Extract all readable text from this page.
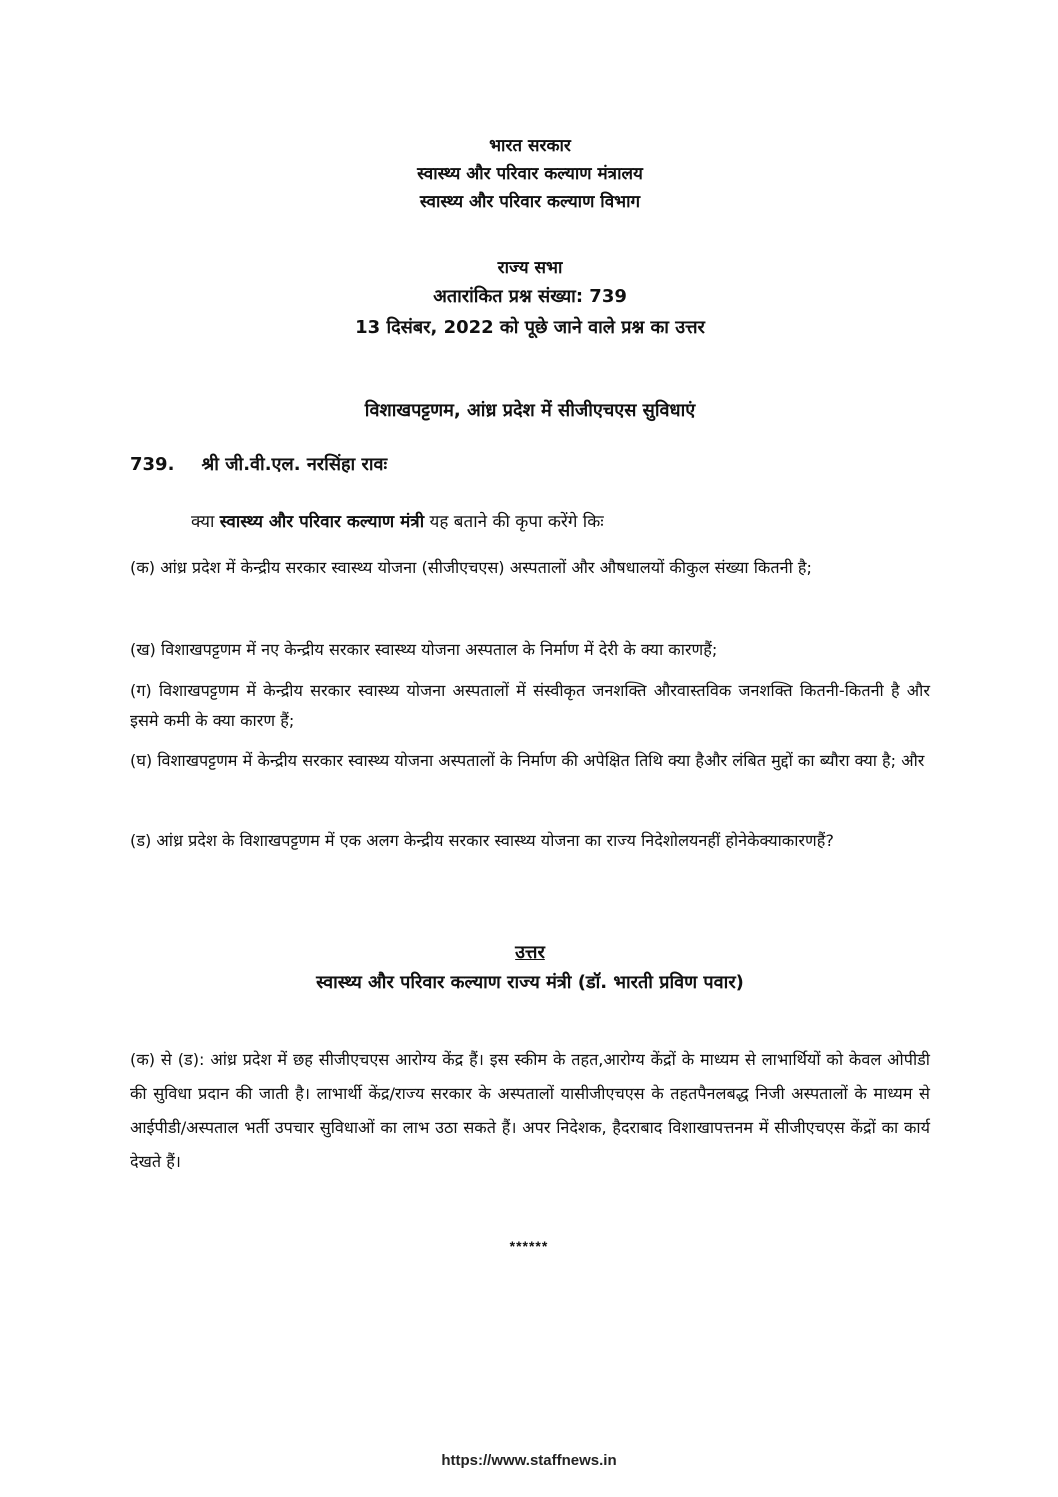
भारत सरकार
स्वास्थ्य और परिवार कल्याण मंत्रालय
स्वास्थ्य और परिवार कल्याण विभाग
राज्य सभा
अतारांकित प्रश्न संख्या: 739
13 दिसंबर, 2022 को पूछे जाने वाले प्रश्न का उत्तर
विशाखपट्टणम, आंध्र प्रदेश में सीजीएचएस सुविधाएं
739. श्री जी.वी.एल. नरसिंहा रावः
क्या स्वास्थ्य और परिवार कल्याण मंत्री यह बताने की कृपा करेंगे किः
(क) आंध्र प्रदेश में केन्द्रीय सरकार स्वास्थ्य योजना (सीजीएचएस) अस्पतालों और औषधालयों कीकुल संख्या कितनी है;
(ख) विशाखपट्टणम में नए केन्द्रीय सरकार स्वास्थ्य योजना अस्पताल के निर्माण में देरी के क्या कारणहैं;
(ग) विशाखपट्टणम में केन्द्रीय सरकार स्वास्थ्य योजना अस्पतालों में संस्वीकृत जनशक्ति औरवास्तविक जनशक्ति कितनी-कितनी है और इसमे कमी के क्या कारण हैं;
(घ) विशाखपट्टणम में केन्द्रीय सरकार स्वास्थ्य योजना अस्पतालों के निर्माण की अपेक्षित तिथि क्या हैऔर लंबित मुद्दों का ब्यौरा क्या है; और
(ड) आंध्र प्रदेश के विशाखपट्टणम में एक अलग केन्द्रीय सरकार स्वास्थ्य योजना का राज्य निदेशोलयनहीं होनेकेक्याकारणहैं?
उत्तर
स्वास्थ्य और परिवार कल्याण राज्य मंत्री (डॉ. भारती प्रविण पवार)
(क) से (ड): आंध्र प्रदेश में छह सीजीएचएस आरोग्य केंद्र हैं। इस स्कीम के तहत,आरोग्य केंद्रों के माध्यम से लाभार्थियों को केवल ओपीडी की सुविधा प्रदान की जाती है। लाभार्थी केंद्र/राज्य सरकार के अस्पतालों यासीजीएचएस के तहतपैनलबद्ध निजी अस्पतालों के माध्यम से आईपीडी/अस्पताल भर्ती उपचार सुविधाओं का लाभ उठा सकते हैं। अपर निदेशक, हैदराबाद विशाखापत्तनम में सीजीएचएस केंद्रों का कार्य देखते हैं।
******
https://www.staffnews.in
